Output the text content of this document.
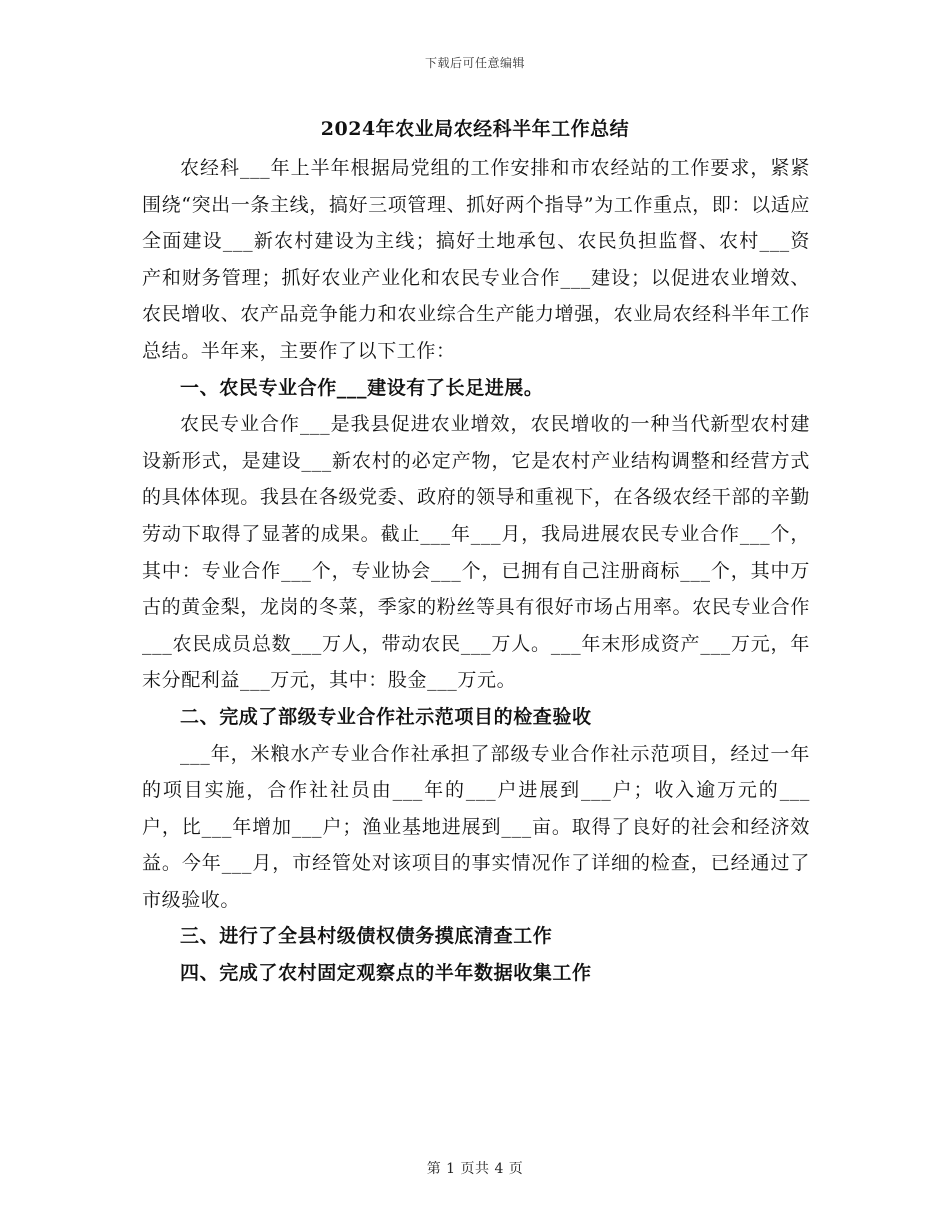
下载后可任意编辑
2024年农业局农经科半年工作总结

农经科___年上半年根据局党组的工作安排和市农经站的工作要求，紧紧围绕“突出一条主线，搞好三项管理、抓好两个指导”为工作重点，即：以适应全面建设___新农村建设为主线；搞好土地承包、农民负担监督、农村___资产和财务管理；抓好农业产业化和农民专业合作___建设；以促进农业增效、农民增收、农产品竞争能力和农业综合生产能力增强，农业局农经科半年工作总结。半年来，主要作了以下工作：

一、农民专业合作___建设有了长足进展。

农民专业合作___是我县促进农业增效，农民增收的一种当代新型农村建设新形式，是建设___新农村的必定产物，它是农村产业结构调整和经营方式的具体体现。我县在各级党委、政府的领导和重视下，在各级农经干部的辛勤劳动下取得了显著的成果。截止___年___月，我局进展农民专业合作___个，其中：专业合作___个，专业协会___个，已拥有自己注册商标___个，其中万古的黄金梨，龙岗的冬菜，季家的粉丝等具有很好市场占用率。农民专业合作___农民成员总数___万人，带动农民___万人。___年末形成资产___万元，年末分配利益___万元，其中：股金___万元。

二、完成了部级专业合作社示范项目的检查验收

___年，米粮水产专业合作社承担了部级专业合作社示范项目，经过一年的项目实施，合作社社员由___年的___户进展到___户；收入逾万元的___户，比___年增加___户；渔业基地进展到___亩。取得了良好的社会和经济效益。今年___月，市经管处对该项目的事实情况作了详细的检查，已经通过了市级验收。

三、进行了全县村级债权债务摸底清查工作

四、完成了农村固定观察点的半年数据收集工作

第 1 页共 4 页
